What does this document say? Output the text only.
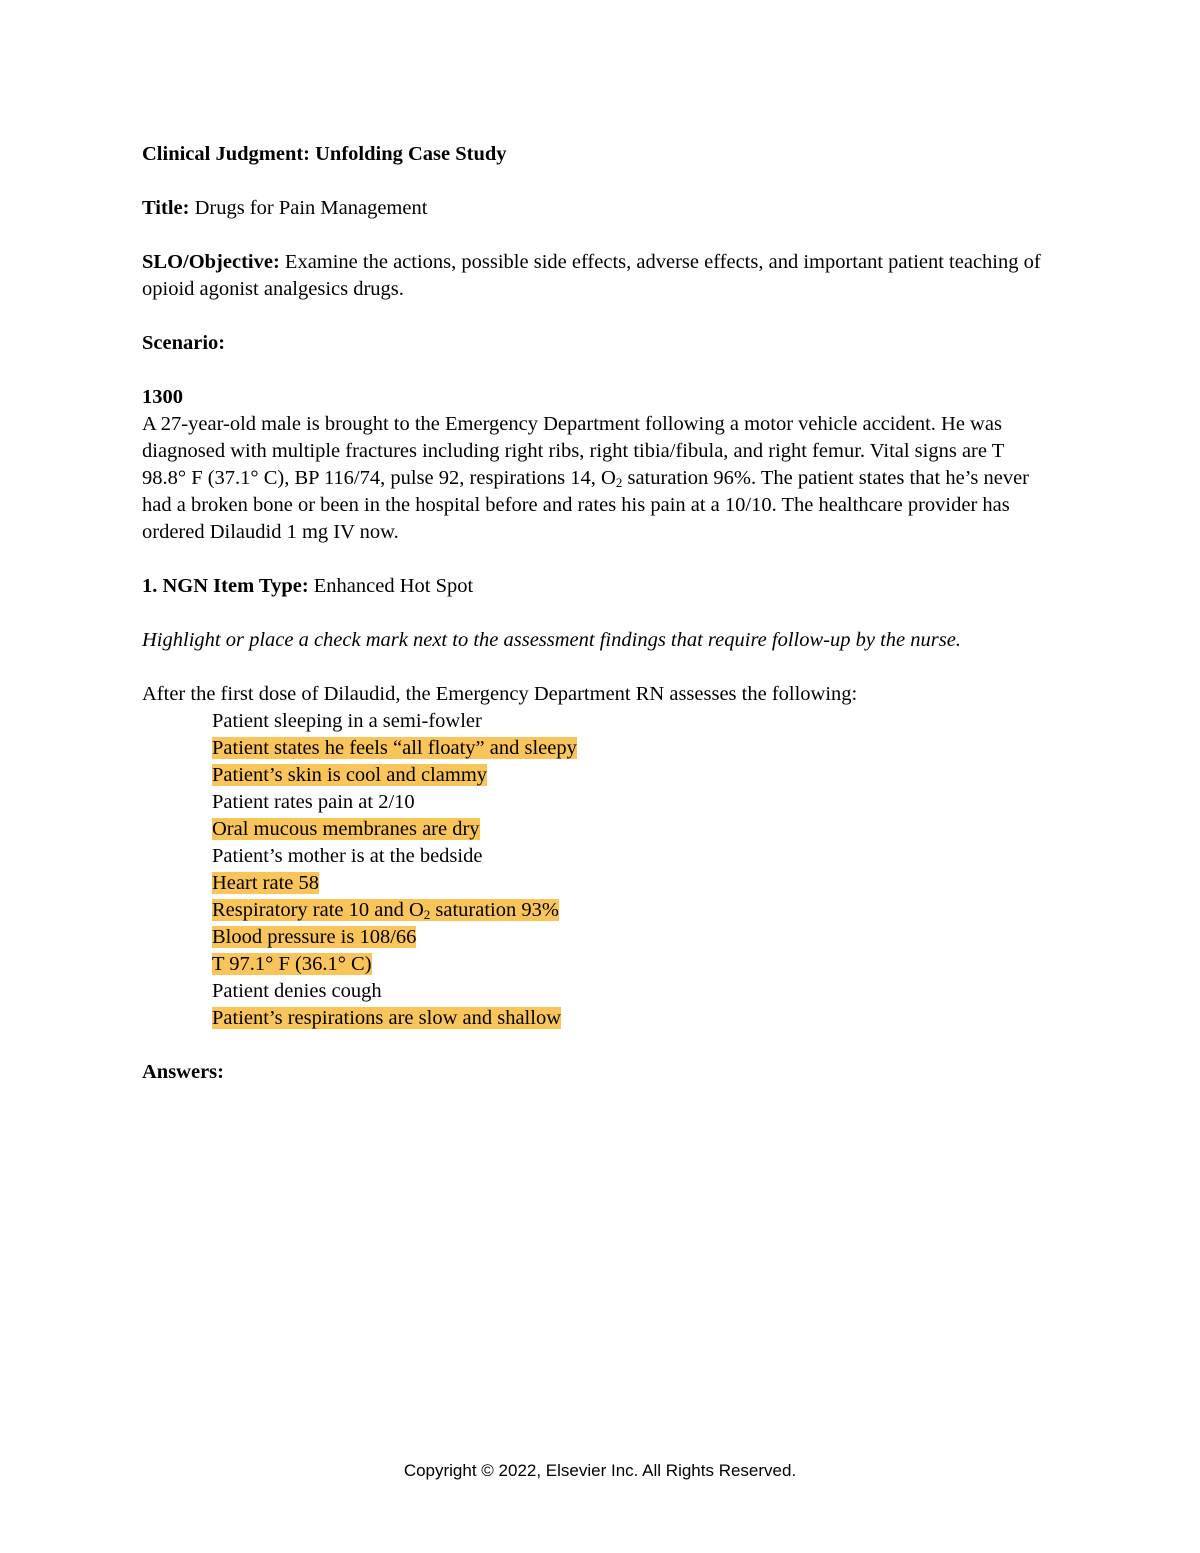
Clinical Judgment: Unfolding Case Study

Title: Drugs for Pain Management

SLO/Objective: Examine the actions, possible side effects, adverse effects, and important patient teaching of opioid agonist analgesics drugs.

Scenario:

1300

A 27-year-old male is brought to the Emergency Department following a motor vehicle accident. He was diagnosed with multiple fractures including right ribs, right tibia/fibula, and right femur. Vital signs are T 98.8° F (37.1° C), BP 116/74, pulse 92, respirations 14, $O_2$ saturation 96%. The patient states that he’s never had a broken bone or been in the hospital before and rates his pain at a 10/10. The healthcare provider has ordered Dilaudid 1 mg IV now.

1. NGN Item Type: Enhanced Hot Spot

Highlight or place a check mark next to the assessment findings that require follow-up by the nurse.

After the first dose of Dilaudid, the Emergency Department RN assesses the following:

Patient sleeping in a semi-fowler
Patient states he feels “all floaty” and sleepy
Patient’s skin is cool and clammy
Patient rates pain at 2/10
Oral mucous membranes are dry
Patient’s mother is at the bedside
Heart rate 58
Respiratory rate 10 and $O_2$ saturation 93%
Blood pressure is 108/66
T 97.1° F (36.1° C)
Patient denies cough
Patient’s respirations are slow and shallow

Answers:

Copyright © 2022, Elsevier Inc. All Rights Reserved.
